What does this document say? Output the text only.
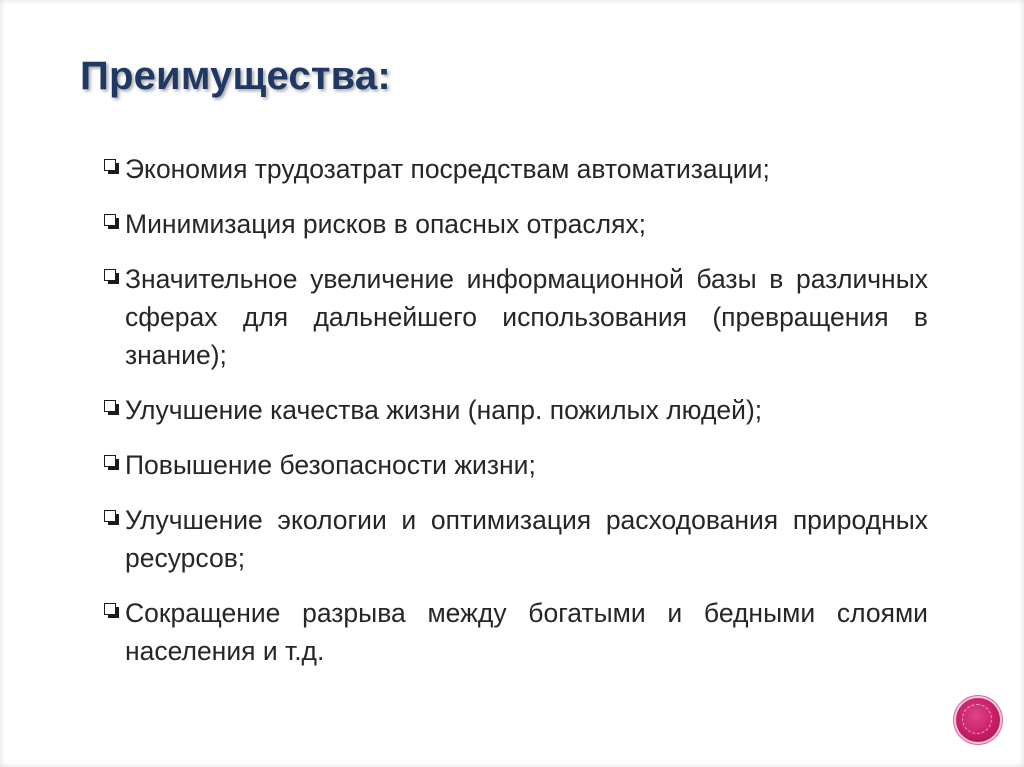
Преимущества:
Экономия трудозатрат посредствам автоматизации;
Минимизация рисков в опасных отраслях;
Значительное увеличение информационной базы в различных сферах для дальнейшего использования (превращения в знание);
Улучшение качества жизни (напр. пожилых людей);
Повышение безопасности жизни;
Улучшение экологии и оптимизация расходования природных ресурсов;
Сокращение разрыва между богатыми и бедными слоями населения и т.д.
